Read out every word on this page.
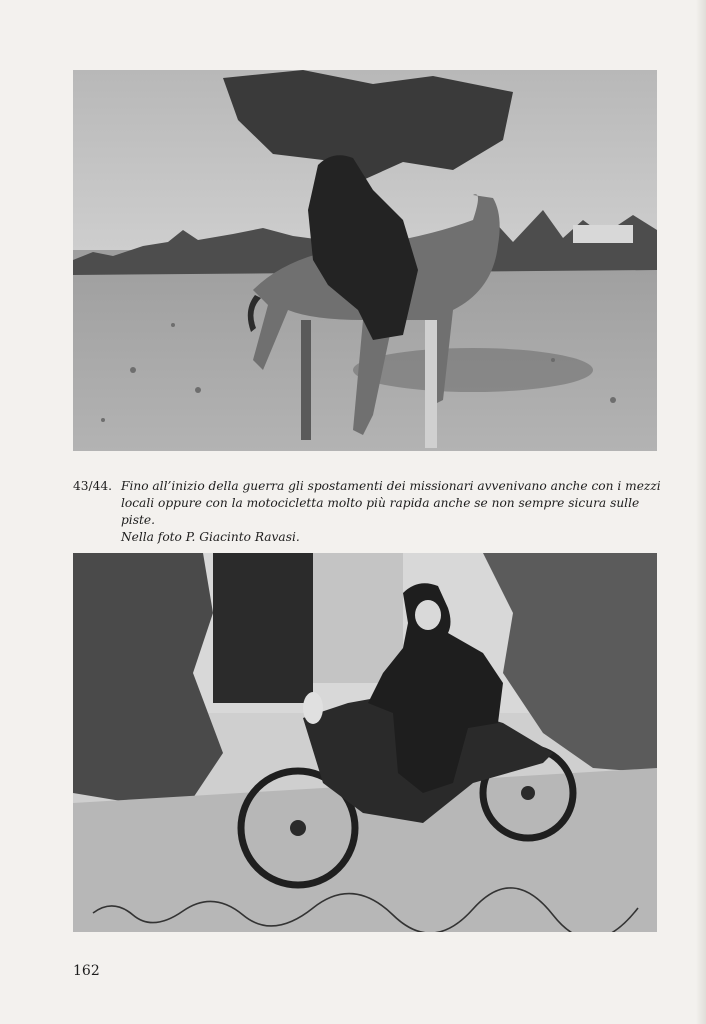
43/44. Fino all’inizio della guerra gli spostamenti dei missionari avvenivano anche con i mezzi
locali oppure con la motocicletta molto più rapida anche se non sempre sicura sulle piste.
Nella foto P. Giacinto Ravasi.
162
